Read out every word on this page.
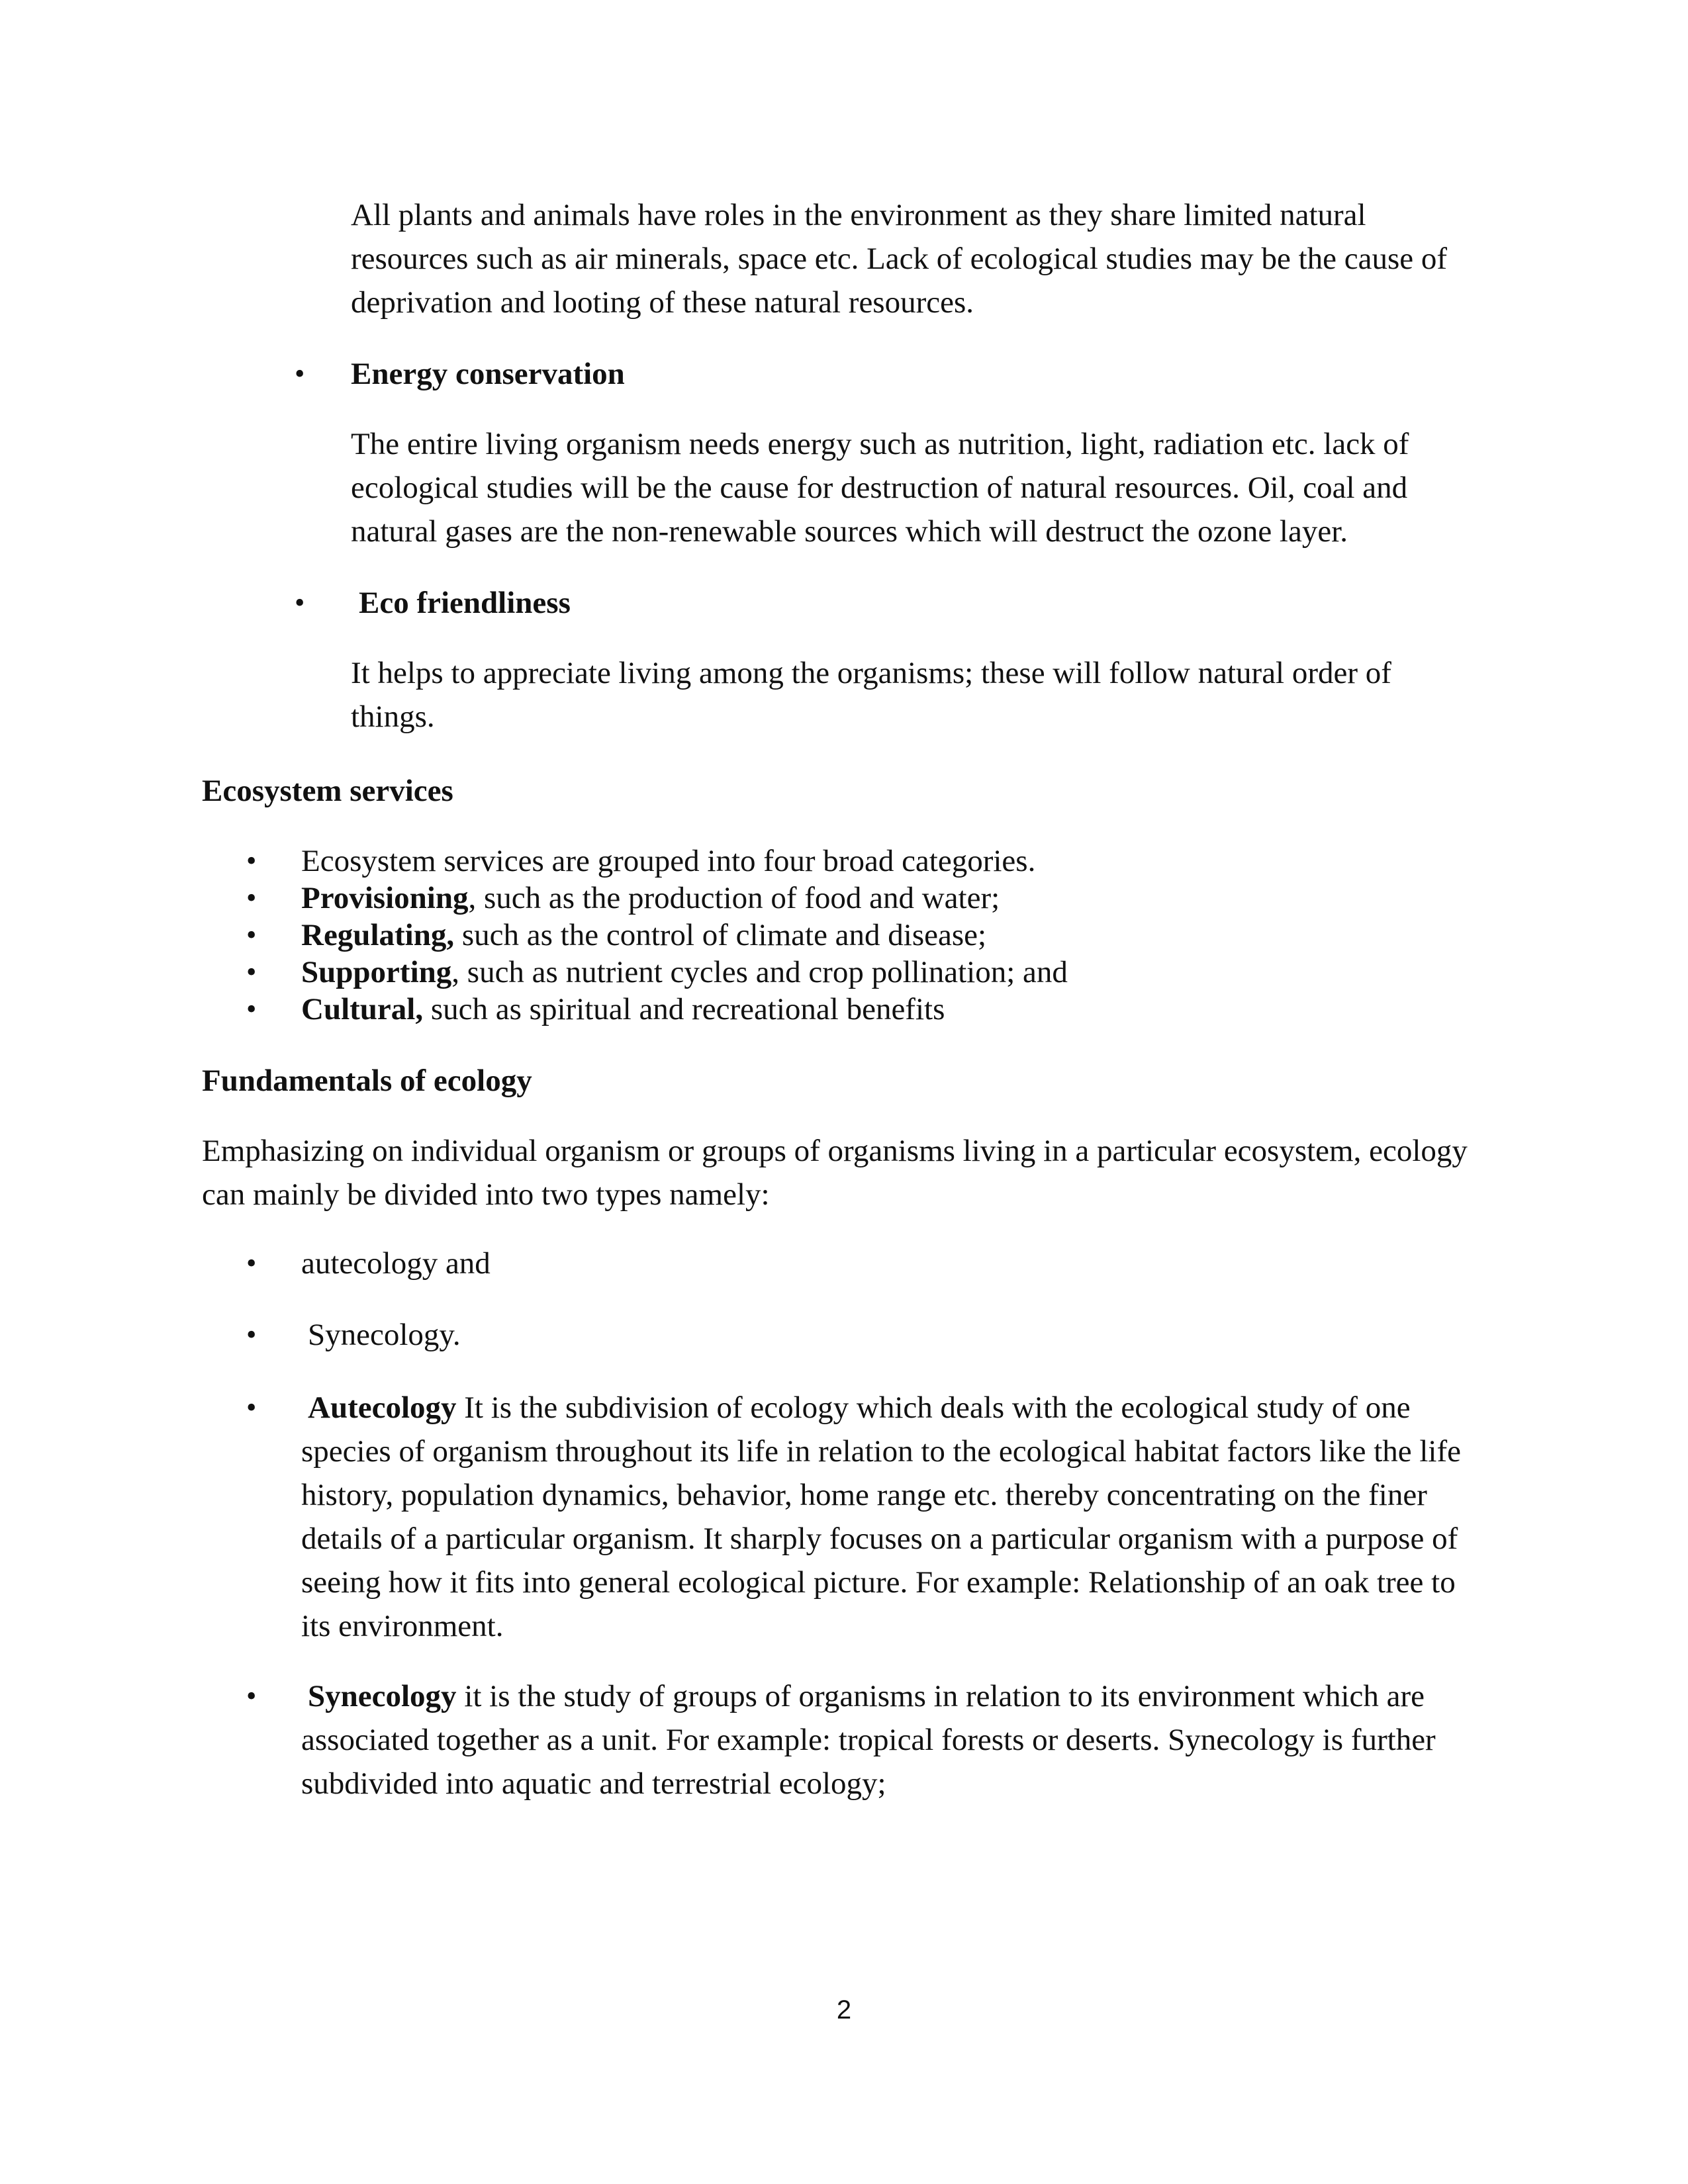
All plants and animals have roles in the environment as they share limited natural resources such as air minerals, space etc. Lack of ecological studies may be the cause of deprivation and looting of these natural resources.
• Energy conservation
The entire living organism needs energy such as nutrition, light, radiation etc. lack of ecological studies will be the cause for destruction of natural resources. Oil, coal and natural gases are the non-renewable sources which will destruct the ozone layer.
• Eco friendliness
It helps to appreciate living among the organisms; these will follow natural order of things.
Ecosystem services
• Ecosystem services are grouped into four broad categories.
• Provisioning, such as the production of food and water;
• Regulating, such as the control of climate and disease;
• Supporting, such as nutrient cycles and crop pollination; and
• Cultural, such as spiritual and recreational benefits
Fundamentals of ecology
Emphasizing on individual organism or groups of organisms living in a particular ecosystem, ecology can mainly be divided into two types namely:
• autecology and
• Synecology.
• Autecology It is the subdivision of ecology which deals with the ecological study of one species of organism throughout its life in relation to the ecological habitat factors like the life history, population dynamics, behavior, home range etc. thereby concentrating on the finer details of a particular organism. It sharply focuses on a particular organism with a purpose of seeing how it fits into general ecological picture. For example: Relationship of an oak tree to its environment.
• Synecology it is the study of groups of organisms in relation to its environment which are associated together as a unit. For example: tropical forests or deserts. Synecology is further subdivided into aquatic and terrestrial ecology;
2
